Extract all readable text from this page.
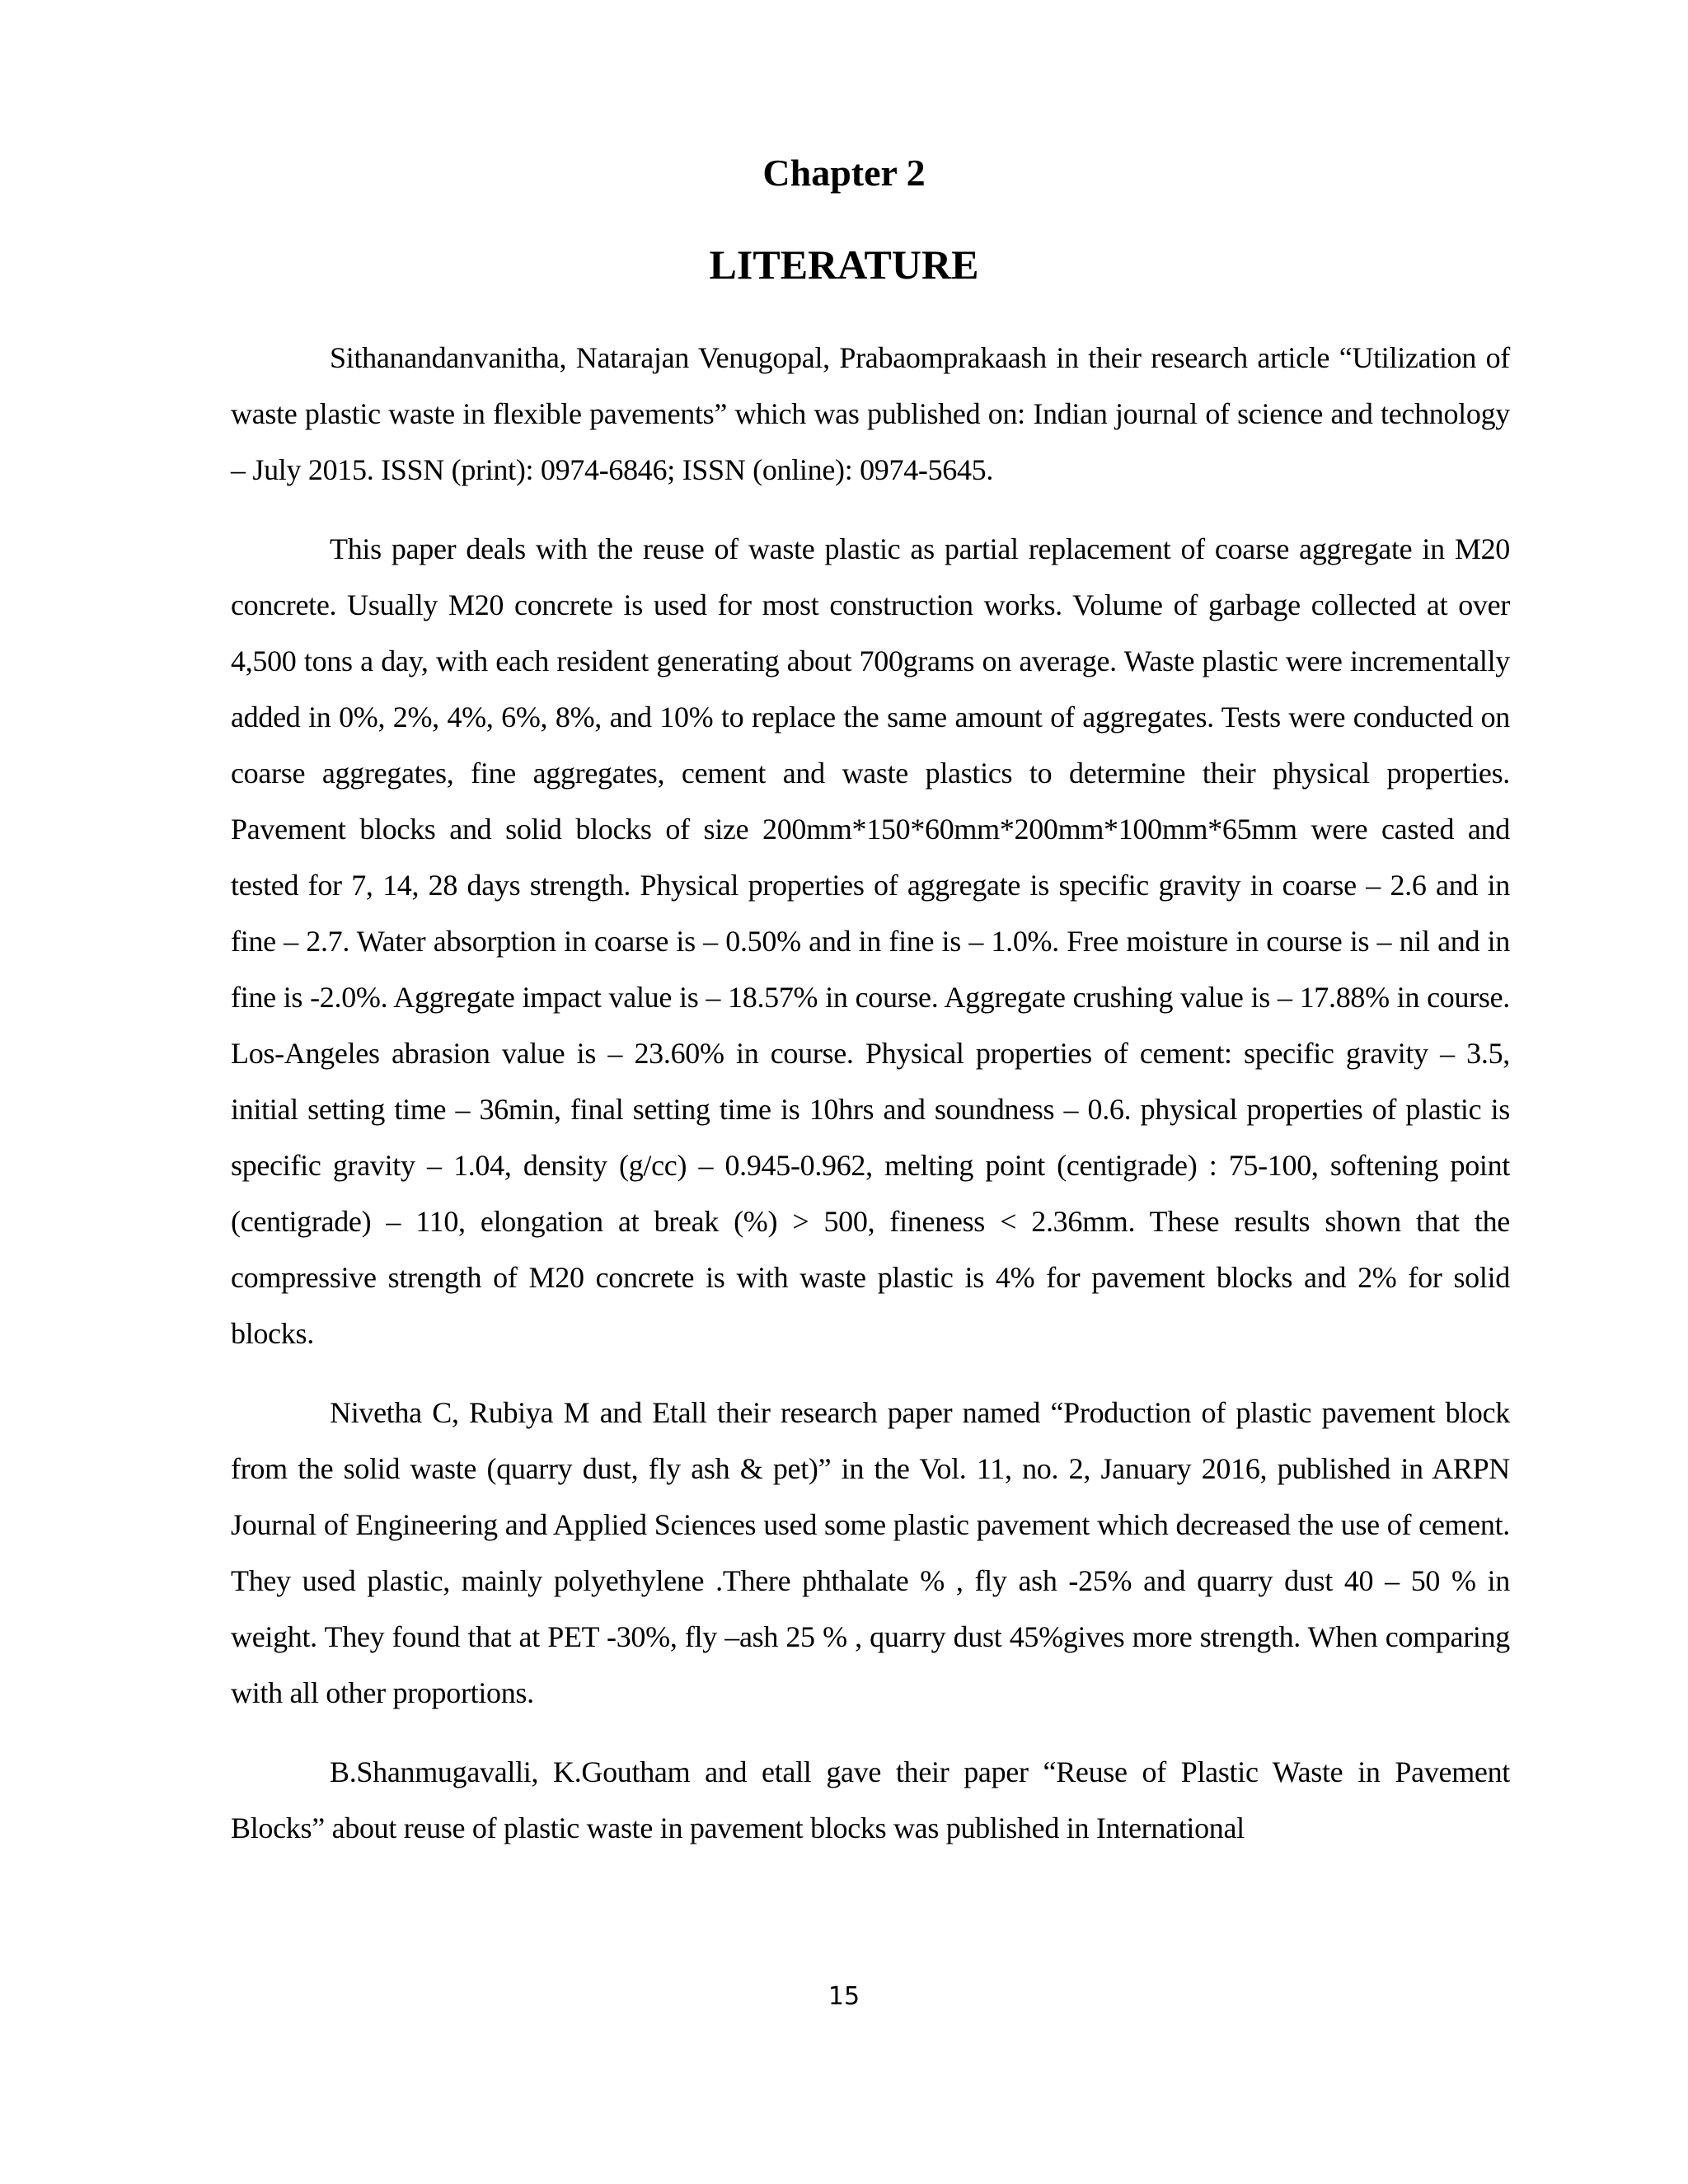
Chapter 2
LITERATURE

Sithanandanvanitha, Natarajan Venugopal, Prabaomprakaash in their research article “Utilization of waste plastic waste in flexible pavements” which was published on: Indian journal of science and technology – July 2015. ISSN (print): 0974-6846; ISSN (online): 0974-5645.

This paper deals with the reuse of waste plastic as partial replacement of coarse aggregate in M20 concrete. Usually M20 concrete is used for most construction works. Volume of garbage collected at over 4,500 tons a day, with each resident generating about 700grams on average. Waste plastic were incrementally added in 0%, 2%, 4%, 6%, 8%, and 10% to replace the same amount of aggregates. Tests were conducted on coarse aggregates, fine aggregates, cement and waste plastics to determine their physical properties. Pavement blocks and solid blocks of size 200mm*150*60mm*200mm*100mm*65mm were casted and tested for 7, 14, 28 days strength. Physical properties of aggregate is specific gravity in coarse – 2.6 and in fine – 2.7. Water absorption in coarse is – 0.50% and in fine is – 1.0%. Free moisture in course is – nil and in fine is -2.0%. Aggregate impact value is – 18.57% in course. Aggregate crushing value is – 17.88% in course. Los-Angeles abrasion value is – 23.60% in course. Physical properties of cement: specific gravity – 3.5, initial setting time – 36min, final setting time is 10hrs and soundness – 0.6. physical properties of plastic is specific gravity – 1.04, density (g/cc) – 0.945-0.962, melting point (centigrade) : 75-100, softening point (centigrade) – 110, elongation at break (%) > 500, fineness < 2.36mm. These results shown that the compressive strength of M20 concrete is with waste plastic is 4% for pavement blocks and 2% for solid blocks.

Nivetha C, Rubiya M and Etall their research paper named “Production of plastic pavement block from the solid waste (quarry dust, fly ash & pet)” in the Vol. 11, no. 2, January 2016, published in ARPN Journal of Engineering and Applied Sciences used some plastic pavement which decreased the use of cement. They used plastic, mainly polyethylene .There phthalate % , fly ash -25% and quarry dust 40 – 50 % in weight. They found that at PET -30%, fly –ash 25 % , quarry dust 45%gives more strength. When comparing with all other proportions.

B.Shanmugavalli, K.Goutham and etall gave their paper “Reuse of Plastic Waste in Pavement Blocks” about reuse of plastic waste in pavement blocks was published in International

15
